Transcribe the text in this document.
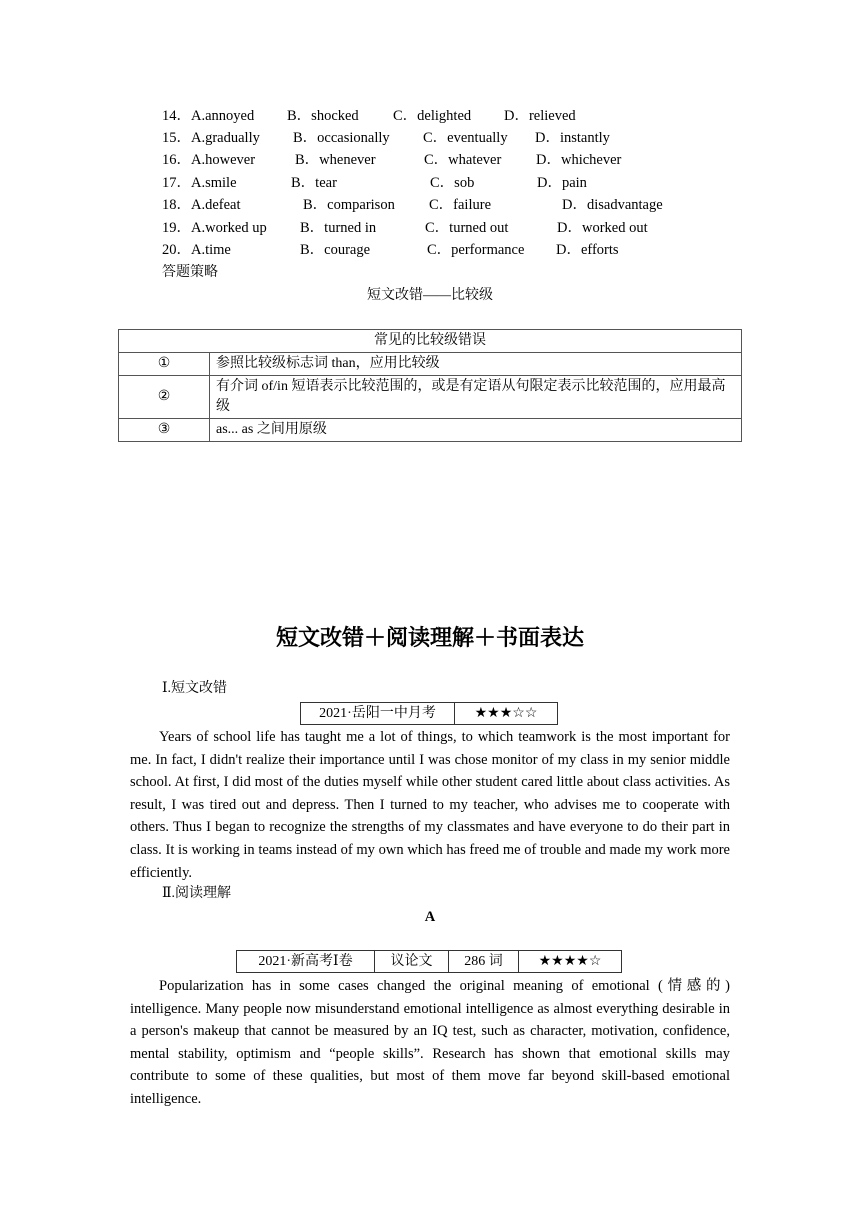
14． A.annoyed B．shocked C．delighted D．relieved
15． A.gradually B．occasionally C．eventually D．instantly
16． A.however	B．whenever	C．whatever D．whichever
17． A.smile	B．tear	C．sob	D．pain
18． A.defeat	B．comparison C．failure	D．disadvantage
19． A.worked up B．turned in	C．turned out	D．worked out
20． A.time	B．courage	C．performance D．efforts
答题策略
短文改错——比较级
常见的比较级错误	
①	参照比较级标志词 than，应用比较级
②	有介词 of/in 短语表示比较范围的，或是有定语从句限定表示比较范围的，应用最高级
③	as... as 之间用原级
短文改错＋阅读理解＋书面表达
Ⅰ.短文改错
2021·岳阳一中月考	★★★☆☆
Years of school life has taught me a lot of things, to which teamwork is the most important for me. In fact, I didn't realize their importance until I was chose monitor of my class in my senior middle school. At first, I did most of the duties myself while other student cared little about class activities. As result, I was tired out and depress. Then I turned to my teacher, who advises me to cooperate with others. Thus I began to recognize the strengths of my classmates and have everyone to do their part in class. It is working in teams instead of my own which has freed me of trouble and made my work more efficiently.
Ⅱ.阅读理解
A
2021·新高考Ⅰ卷	议论文	286 词	★★★★☆
Popularization has in some cases changed the original meaning of emotional (情感的) intelligence. Many people now misunderstand emotional intelligence as almost everything desirable in a person's makeup that cannot be measured by an IQ test, such as character, motivation, confidence, mental stability, optimism and “people skills”. Research has shown that emotional skills may contribute to some of these qualities, but most of them move far beyond skill-based emotional intelligence.
